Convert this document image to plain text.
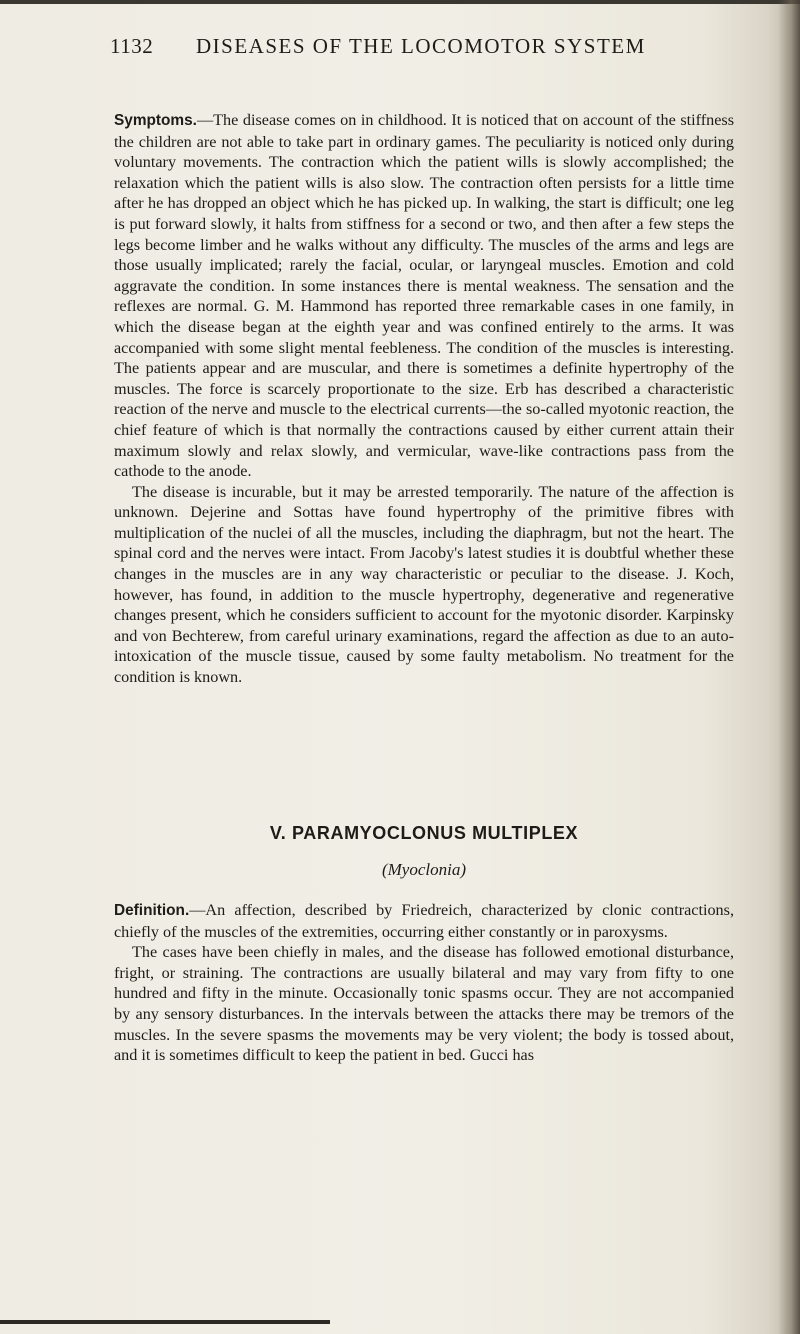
1132 DISEASES OF THE LOCOMOTOR SYSTEM

Symptoms.—The disease comes on in childhood. It is noticed that on account of the stiffness the children are not able to take part in ordinary games. The peculiarity is noticed only during voluntary movements. The contraction which the patient wills is slowly accomplished; the relaxation which the patient wills is also slow. The contraction often persists for a little time after he has dropped an object which he has picked up. In walking, the start is difficult; one leg is put forward slowly, it halts from stiffness for a second or two, and then after a few steps the legs become limber and he walks without any difficulty. The muscles of the arms and legs are those usually implicated; rarely the facial, ocular, or laryngeal muscles. Emotion and cold aggravate the condition. In some instances there is mental weakness. The sensation and the reflexes are normal. G. M. Hammond has reported three remarkable cases in one family, in which the disease began at the eighth year and was confined entirely to the arms. It was accompanied with some slight mental feebleness. The condition of the muscles is interesting. The patients appear and are muscular, and there is sometimes a definite hypertrophy of the muscles. The force is scarcely proportionate to the size. Erb has described a characteristic reaction of the nerve and muscle to the electrical currents—the so-called myotonic reaction, the chief feature of which is that normally the contractions caused by either current attain their maximum slowly and relax slowly, and vermicular, wave-like contractions pass from the cathode to the anode.

The disease is incurable, but it may be arrested temporarily. The nature of the affection is unknown. Dejerine and Sottas have found hypertrophy of the primitive fibres with multiplication of the nuclei of all the muscles, including the diaphragm, but not the heart. The spinal cord and the nerves were intact. From Jacoby's latest studies it is doubtful whether these changes in the muscles are in any way characteristic or peculiar to the disease. J. Koch, however, has found, in addition to the muscle hypertrophy, degenerative and regenerative changes present, which he considers sufficient to account for the myotonic disorder. Karpinsky and von Bechterew, from careful urinary examinations, regard the affection as due to an auto-intoxication of the muscle tissue, caused by some faulty metabolism. No treatment for the condition is known.

V. PARAMYOCLONUS MULTIPLEX
(Myoclonia)

Definition.—An affection, described by Friedreich, characterized by clonic contractions, chiefly of the muscles of the extremities, occurring either constantly or in paroxysms.

The cases have been chiefly in males, and the disease has followed emotional disturbance, fright, or straining. The contractions are usually bilateral and may vary from fifty to one hundred and fifty in the minute. Occasionally tonic spasms occur. They are not accompanied by any sensory disturbances. In the intervals between the attacks there may be tremors of the muscles. In the severe spasms the movements may be very violent; the body is tossed about, and it is sometimes difficult to keep the patient in bed. Gucci has
